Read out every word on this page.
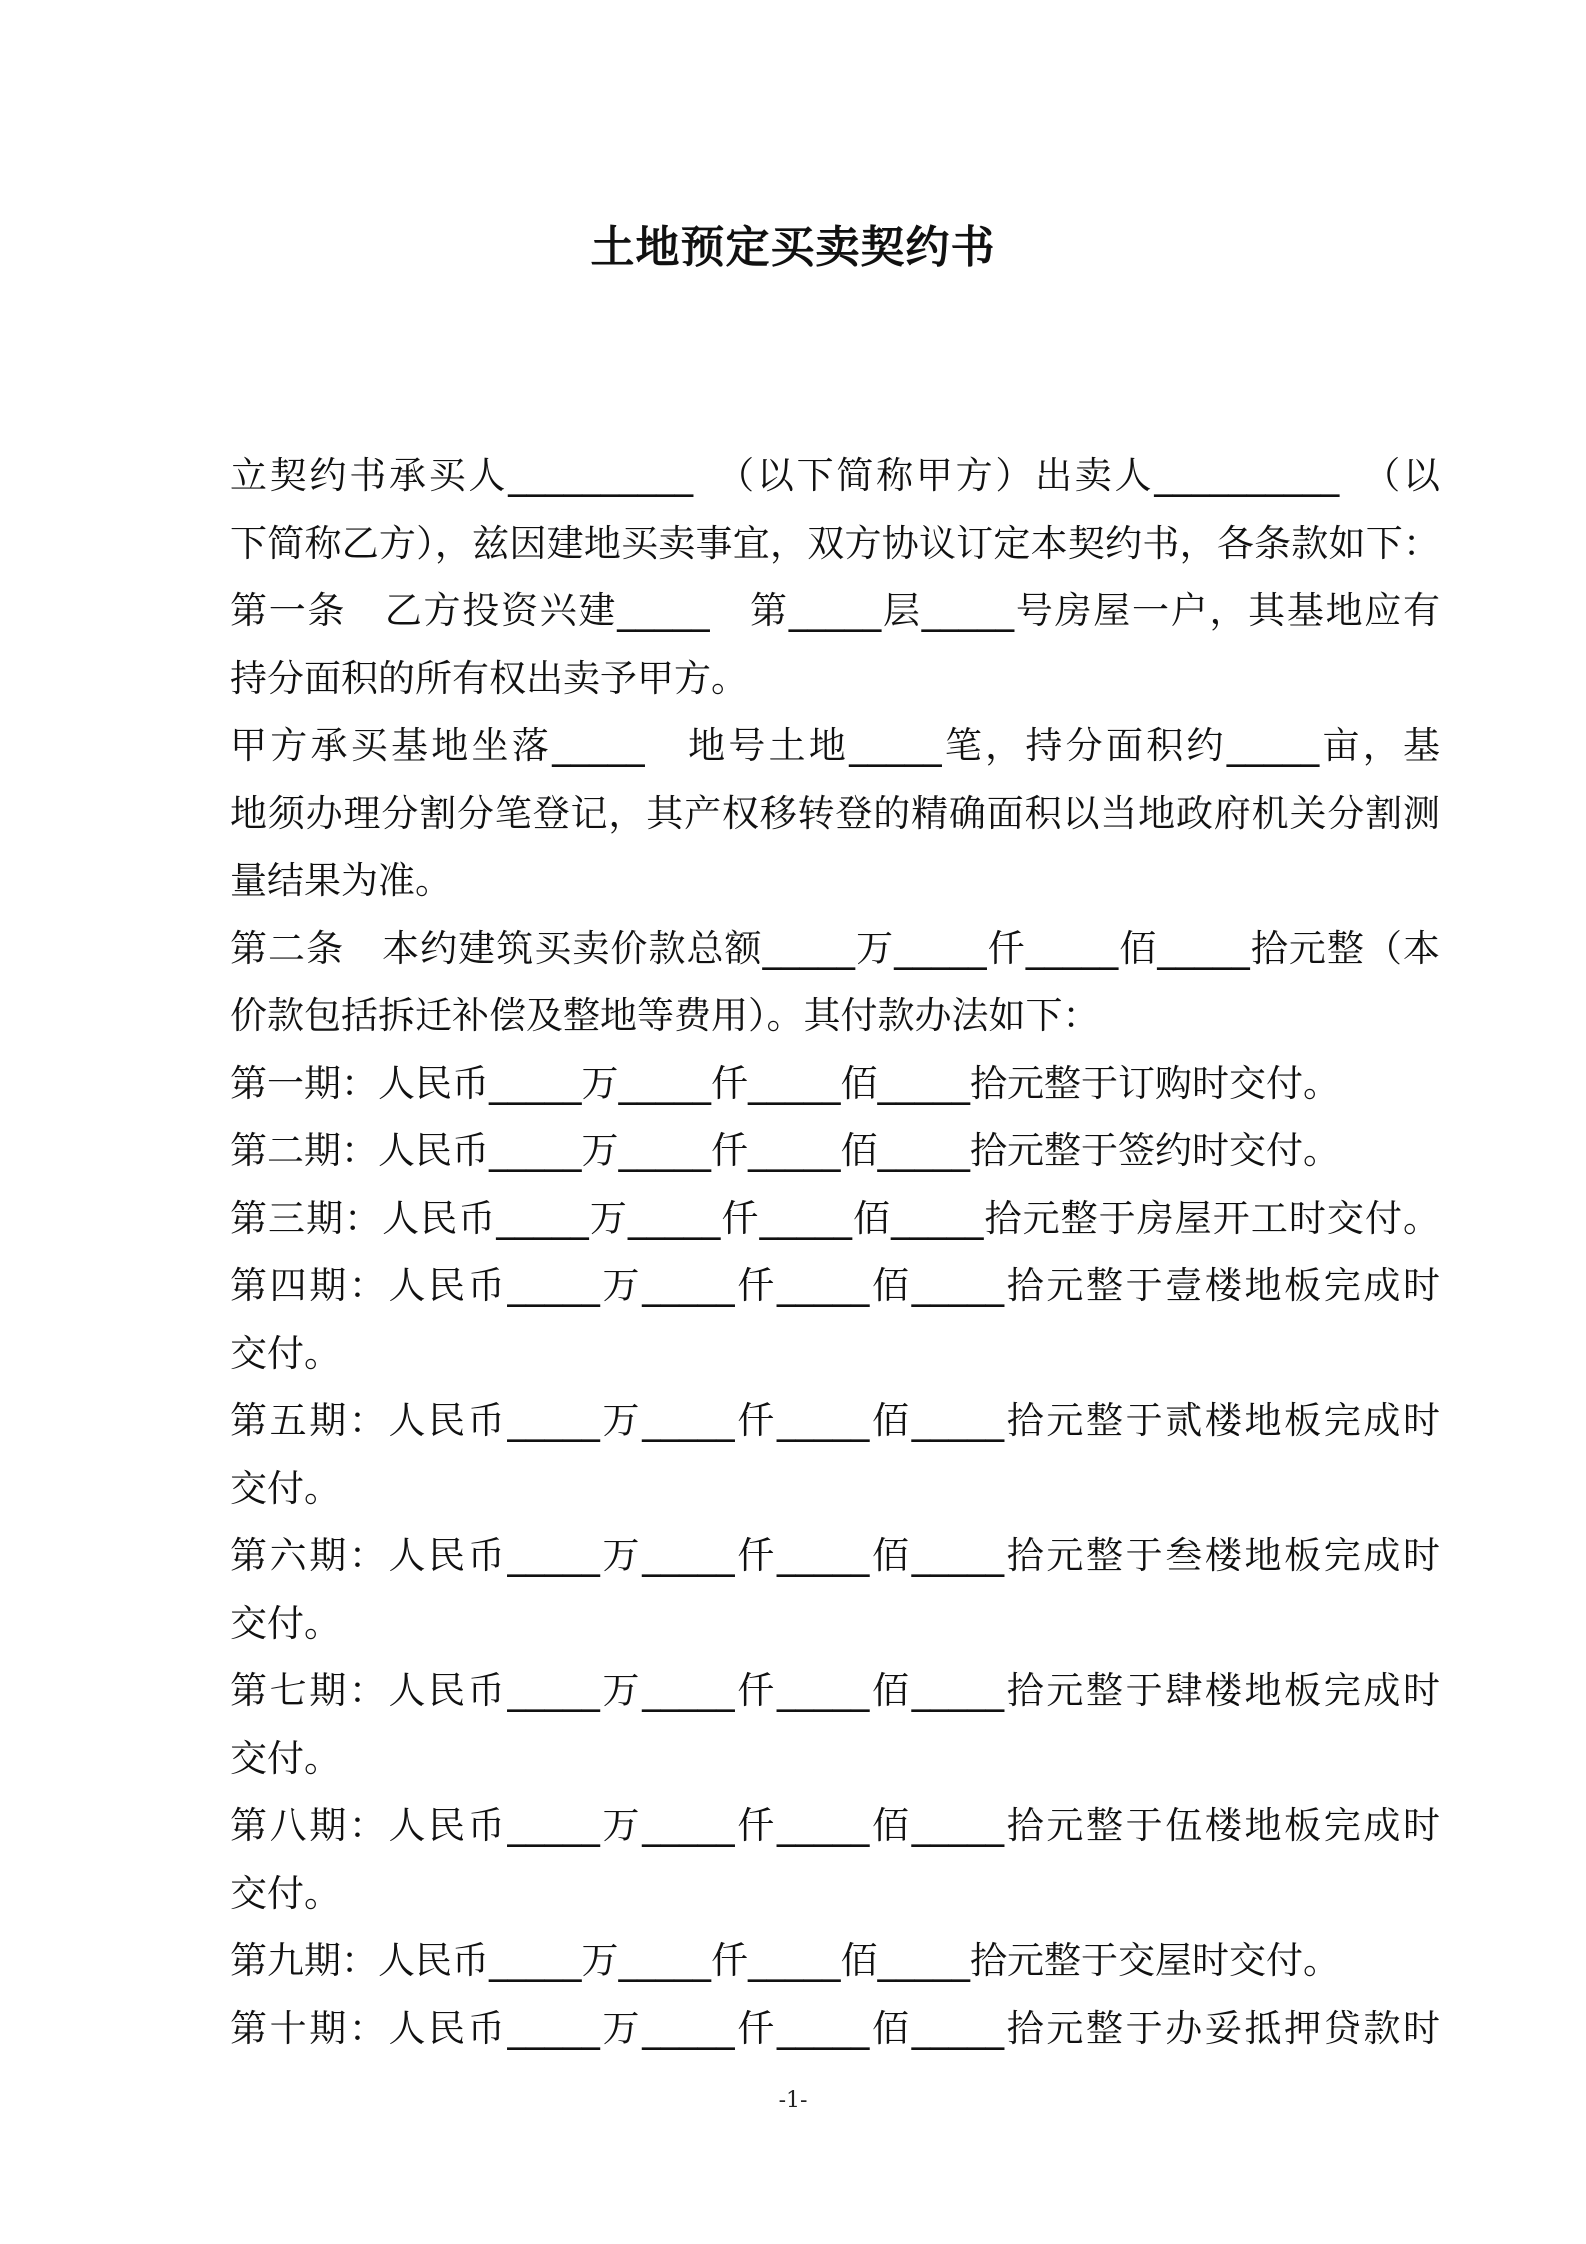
土地预定买卖契约书
立契约书承买人__________　（以下简称甲方）出卖人__________　（以
下简称乙方），兹因建地买卖事宜，双方协议订定本契约书，各条款如下：
第一条　乙方投资兴建_____　第_____层_____号房屋一户，其基地应有
持分面积的所有权出卖予甲方。
甲方承买基地坐落_____　地号土地_____笔，持分面积约_____亩，基
地须办理分割分笔登记，其产权移转登的精确面积以当地政府机关分割测
量结果为准。
第二条　本约建筑买卖价款总额_____万_____仟_____佰_____拾元整（本
价款包括拆迁补偿及整地等费用）。其付款办法如下：
第一期：人民币_____万_____仟_____佰_____拾元整于订购时交付。
第二期：人民币_____万_____仟_____佰_____拾元整于签约时交付。
第三期：人民币_____万_____仟_____佰_____拾元整于房屋开工时交付。
第四期：人民币_____万_____仟_____佰_____拾元整于壹楼地板完成时
交付。
第五期：人民币_____万_____仟_____佰_____拾元整于贰楼地板完成时
交付。
第六期：人民币_____万_____仟_____佰_____拾元整于叁楼地板完成时
交付。
第七期：人民币_____万_____仟_____佰_____拾元整于肆楼地板完成时
交付。
第八期：人民币_____万_____仟_____佰_____拾元整于伍楼地板完成时
交付。
第九期：人民币_____万_____仟_____佰_____拾元整于交屋时交付。
第十期：人民币_____万_____仟_____佰_____拾元整于办妥抵押贷款时
-1-
